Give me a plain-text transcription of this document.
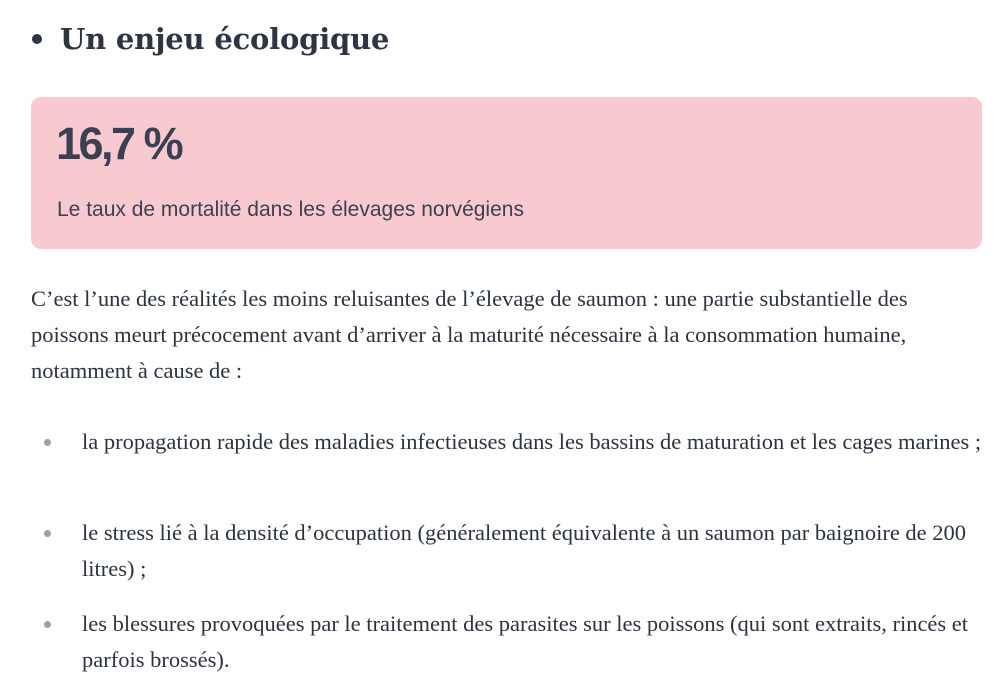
Un enjeu écologique
16,7 %
Le taux de mortalité dans les élevages norvégiens

C’est l’une des réalités les moins reluisantes de l’élevage de saumon : une partie substantielle des poissons meurt précocement avant d’arriver à la maturité nécessaire à la consommation humaine, notamment à cause de :

la propagation rapide des maladies infectieuses dans les bassins de maturation et les cages marines ;
le stress lié à la densité d’occupation (généralement équivalente à un saumon par baignoire de 200 litres) ;
les blessures provoquées par le traitement des parasites sur les poissons (qui sont extraits, rincés et parfois brossés).
